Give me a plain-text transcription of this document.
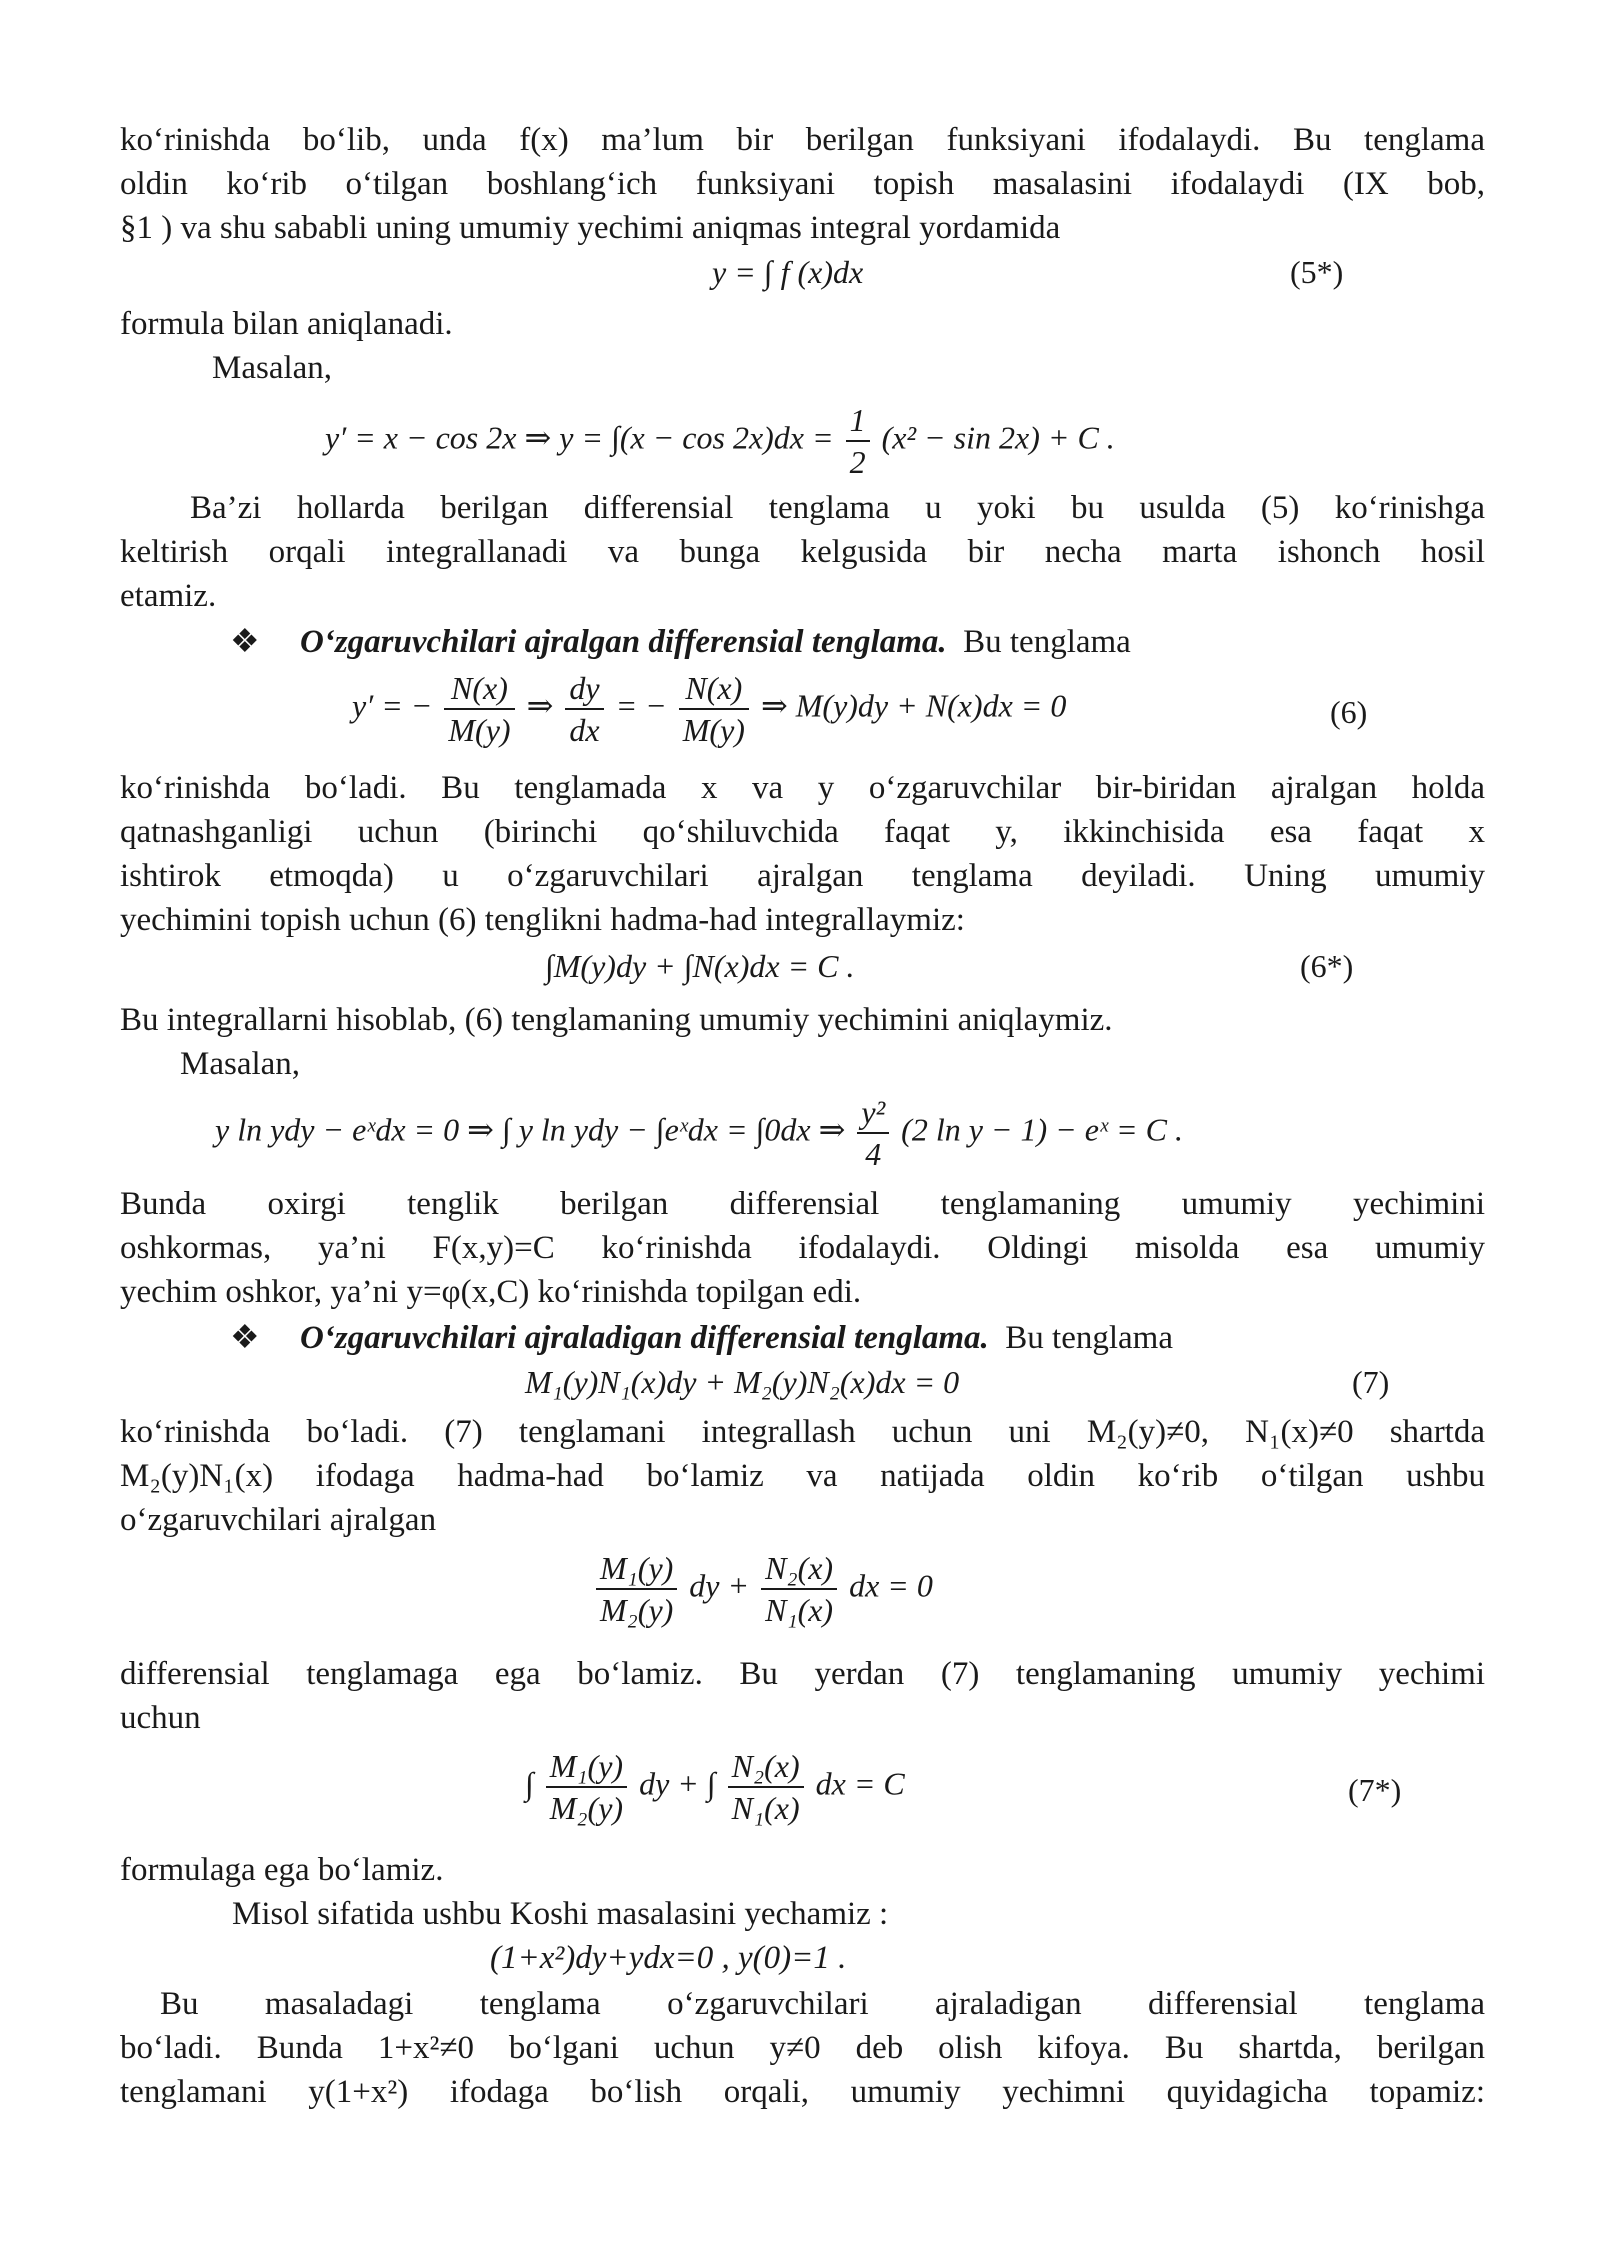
ko‘rinishda bo‘lib, unda f(x) ma’lum bir berilgan funksiyani ifodalaydi. Bu tenglama
oldin ko‘rib o‘tilgan boshlang‘ich funksiyani topish masalasini ifodalaydi (IX bob,
§1 ) va shu sababli uning umumiy yechimi aniqmas integral yordamida
y = ∫ f (x)dx	(5*)
formula bilan aniqlanadi.
Masalan,
y′ = x − cos 2x ⇒ $y = \int(x - \cos 2x)dx = \frac{1}{2} (x^2 - \sin 2x) + C$ .
Ba’zi hollarda berilgan differensial tenglama u yoki bu usulda (5) ko‘rinishga
keltirish orqali integrallanadi va bunga kelgusida bir necha marta ishonch hosil
etamiz.
❖ O‘zgaruvchilari ajralgan differensial tenglama. Bu tenglama
y′ = − $\frac{N(x)}{M(y)}$ ⇒ $\frac{dy}{dx}$ = − $\frac{N(x)}{M(y)}$ ⇒ M(y)dy + N(x)dx = 0	(6)
ko‘rinishda bo‘ladi. Bu tenglamada x va y o‘zgaruvchilar bir-biridan ajralgan holda
qatnashganligi uchun (birinchi qo‘shiluvchida faqat y, ikkinchisida esa faqat x
ishtirok etmoqda) u o‘zgaruvchilari ajralgan tenglama deyiladi. Uning umumiy
yechimini topish uchun (6) tenglikni hadma-had integrallaymiz:
∫M(y)dy + ∫N(x)dx = C .	(6*)
Bu integrallarni hisoblab, (6) tenglamaning umumiy yechimini aniqlaymiz.
Masalan,
y ln ydy − eˣdx = 0 ⇒ ∫ y ln ydy − ∫eˣdx = ∫0dx ⇒ $\frac{\text{y²}}{4} (2$ ln y − 1) − eˣ = C .
Bunda oxirgi tenglik berilgan differensial tenglamaning umumiy yechimini
oshkormas, ya’ni F(x,y)=C ko‘rinishda ifodalaydi. Oldingi misolda esa umumiy
yechim oshkor, ya’ni y=φ(x,C) ko‘rinishda topilgan edi.
❖ O‘zgaruvchilari ajraladigan differensial tenglama. Bu tenglama
M₁(y)N₁(x)dy + M₂(y)N₂(x)dx = 0	(7)
ko‘rinishda bo‘ladi. (7) tenglamani integrallash uchun uni M₂(y)≠0, N₁(x)≠0 shartda
M₂(y)N₁(x) ifodaga hadma-had bo‘lamiz va natijada oldin ko‘rib o‘tilgan ushbu
o‘zgaruvchilari ajralgan
$\frac{\text{M₁(y)}}{\text{M₂(y)}}$ dy + $\frac{\text{N₂(x)}}{\text{N₁(x)}}$ dx = 0
differensial tenglamaga ega bo‘lamiz. Bu yerdan (7) tenglamaning umumiy yechimi
uchun
∫ $\frac{\text{M₁(y)}}{\text{M₂(y)}}$ dy + ∫ $\frac{\text{N₂(x)}}{\text{N₁(x)}}$ dx = C	(7*)
formulaga ega bo‘lamiz.
Misol sifatida ushbu Koshi masalasini yechamiz :
(1+x²)dy+ydx=0 , y(0)=1 .
Bu masaladagi tenglama o‘zgaruvchilari ajraladigan differensial tenglama
bo‘ladi. Bunda 1+x²≠0 bo‘lgani uchun y≠0 deb olish kifoya. Bu shartda, berilgan
tenglamani y(1+x²) ifodaga bo‘lish orqali, umumiy yechimni quyidagicha topamiz:
